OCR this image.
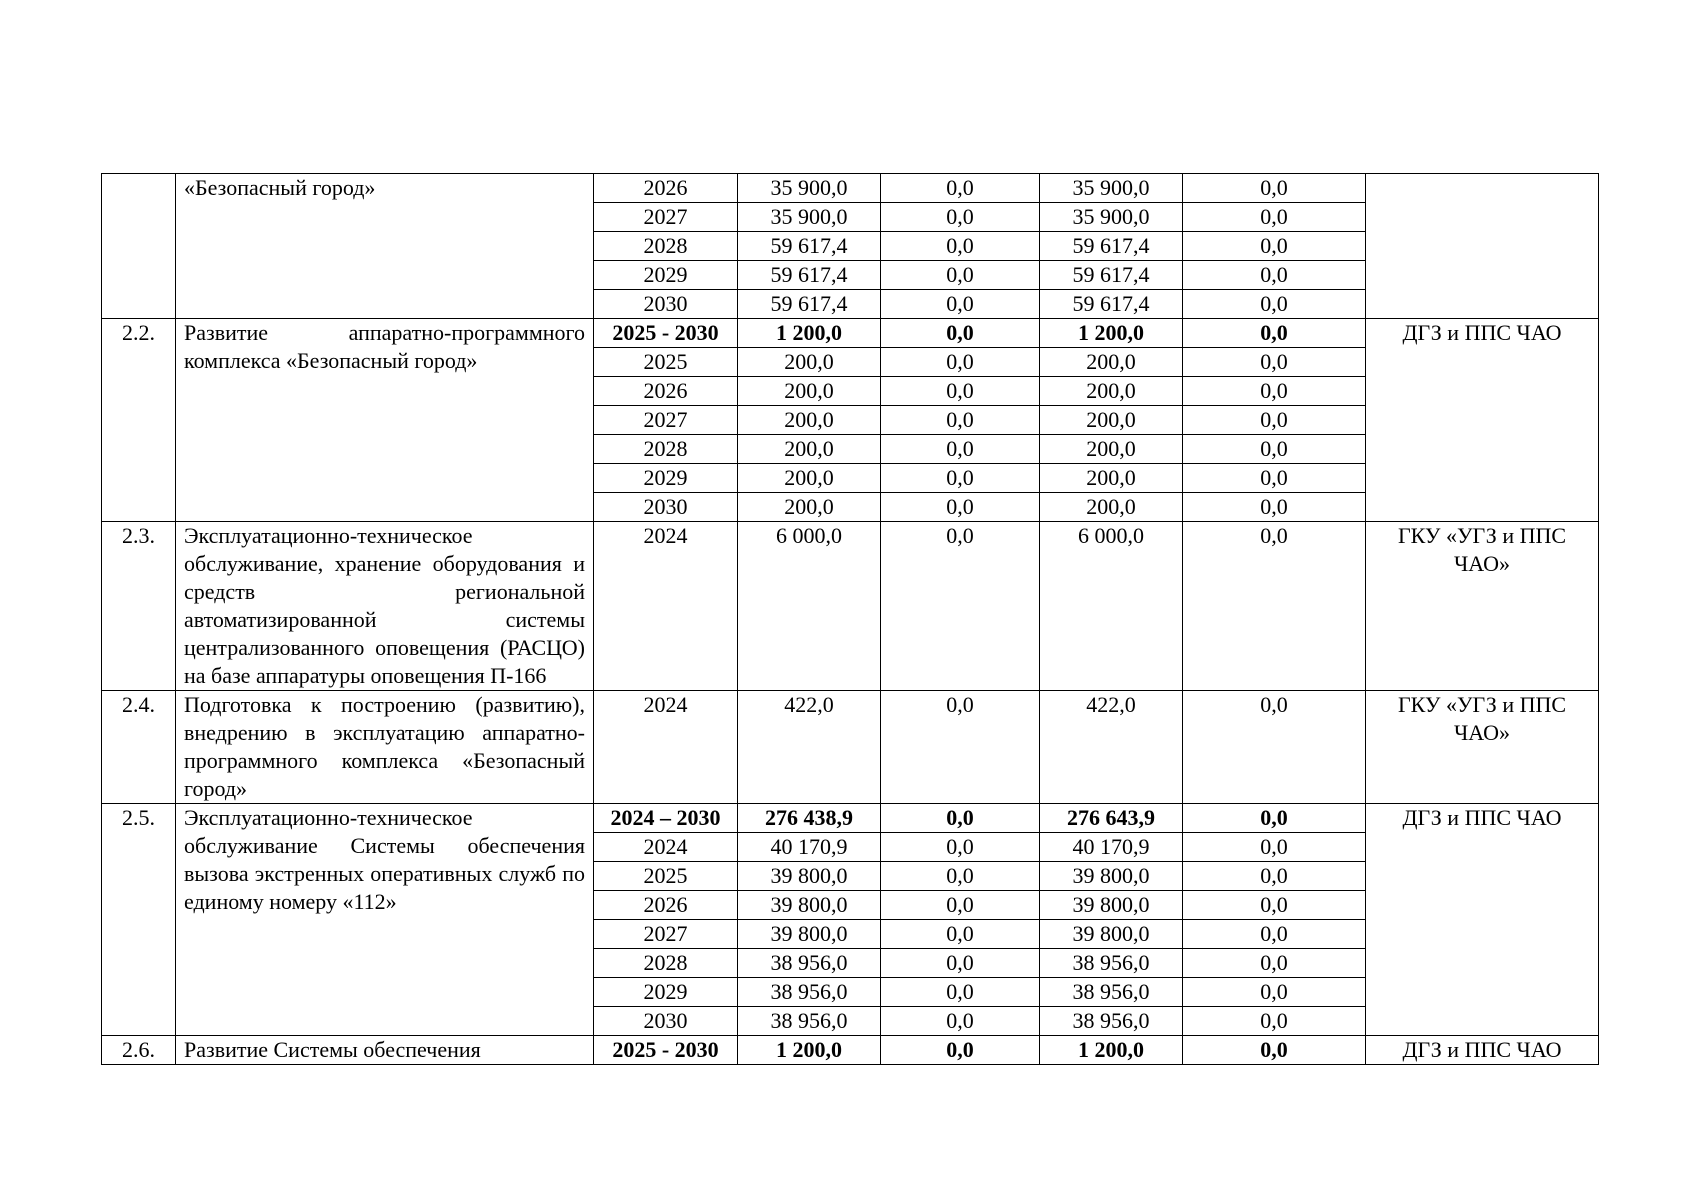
	«Безопасный город»	2026	35 900,0	0,0	35 900,0	0,0	
		2027	35 900,0	0,0	35 900,0	0,0	
		2028	59 617,4	0,0	59 617,4	0,0	
		2029	59 617,4	0,0	59 617,4	0,0	
		2030	59 617,4	0,0	59 617,4	0,0	
2.2.	Развитие аппаратно-программного комплекса «Безопасный город»	2025 - 2030	1 200,0	0,0	1 200,0	0,0	ДГЗ и ППС ЧАО
		2025	200,0	0,0	200,0	0,0	
		2026	200,0	0,0	200,0	0,0	
		2027	200,0	0,0	200,0	0,0	
		2028	200,0	0,0	200,0	0,0	
		2029	200,0	0,0	200,0	0,0	
		2030	200,0	0,0	200,0	0,0	
2.3.	Эксплуатационно-техническое обслуживание, хранение оборудования и средств региональной автоматизированной системы централизованного оповещения (РАСЦО) на базе аппаратуры оповещения П-166	2024	6 000,0	0,0	6 000,0	0,0	ГКУ «УГЗ и ППС ЧАО»
2.4.	Подготовка к построению (развитию), внедрению в эксплуатацию аппаратно-программного комплекса «Безопасный город»	2024	422,0	0,0	422,0	0,0	ГКУ «УГЗ и ППС ЧАО»
2.5.	Эксплуатационно-техническое обслуживание Системы обеспечения вызова экстренных оперативных служб по единому номеру «112»	2024 – 2030	276 438,9	0,0	276 643,9	0,0	ДГЗ и ППС ЧАО
		2024	40 170,9	0,0	40 170,9	0,0	
		2025	39 800,0	0,0	39 800,0	0,0	
		2026	39 800,0	0,0	39 800,0	0,0	
		2027	39 800,0	0,0	39 800,0	0,0	
		2028	38 956,0	0,0	38 956,0	0,0	
		2029	38 956,0	0,0	38 956,0	0,0	
		2030	38 956,0	0,0	38 956,0	0,0	
2.6.	Развитие Системы обеспечения	2025 - 2030	1 200,0	0,0	1 200,0	0,0	ДГЗ и ППС ЧАО
